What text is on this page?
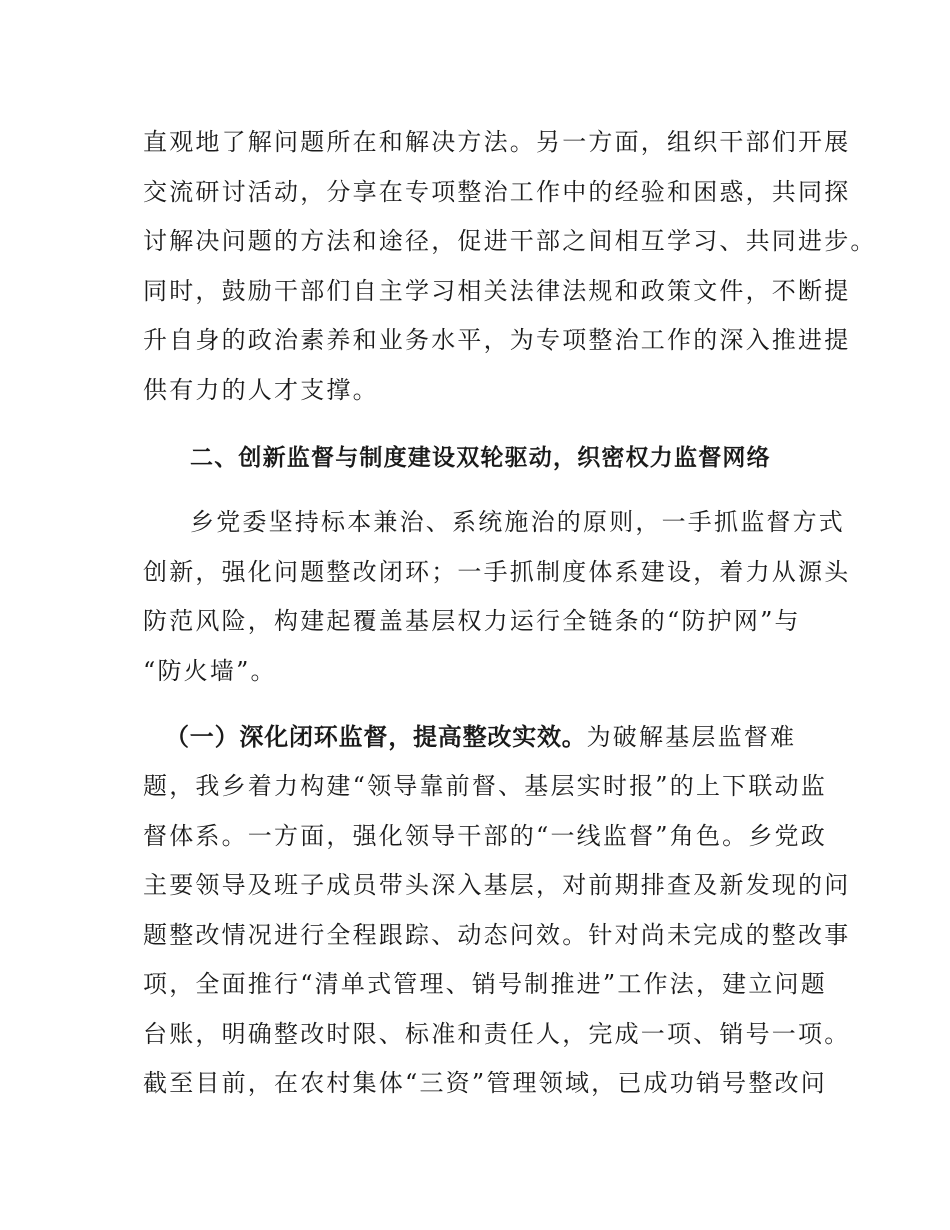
直观地了解问题所在和解决方法。另一方面，组织干部们开展
交流研讨活动，分享在专项整治工作中的经验和困惑，共同探
讨解决问题的方法和途径，促进干部之间相互学习、共同进步。
同时，鼓励干部们自主学习相关法律法规和政策文件，不断提
升自身的政治素养和业务水平，为专项整治工作的深入推进提
供有力的人才支撑。
二、创新监督与制度建设双轮驱动，织密权力监督网络
乡党委坚持标本兼治、系统施治的原则，一手抓监督方式
创新，强化问题整改闭环；一手抓制度体系建设，着力从源头
防范风险，构建起覆盖基层权力运行全链条的“防护网”与
“防火墙”。
（一）深化闭环监督，提高整改实效。为破解基层监督难
题，我乡着力构建“领导靠前督、基层实时报”的上下联动监
督体系。一方面，强化领导干部的“一线监督”角色。乡党政
主要领导及班子成员带头深入基层，对前期排查及新发现的问
题整改情况进行全程跟踪、动态问效。针对尚未完成的整改事
项，全面推行“清单式管理、销号制推进”工作法，建立问题
台账，明确整改时限、标准和责任人，完成一项、销号一项。
截至目前，在农村集体“三资”管理领域，已成功销号整改问
